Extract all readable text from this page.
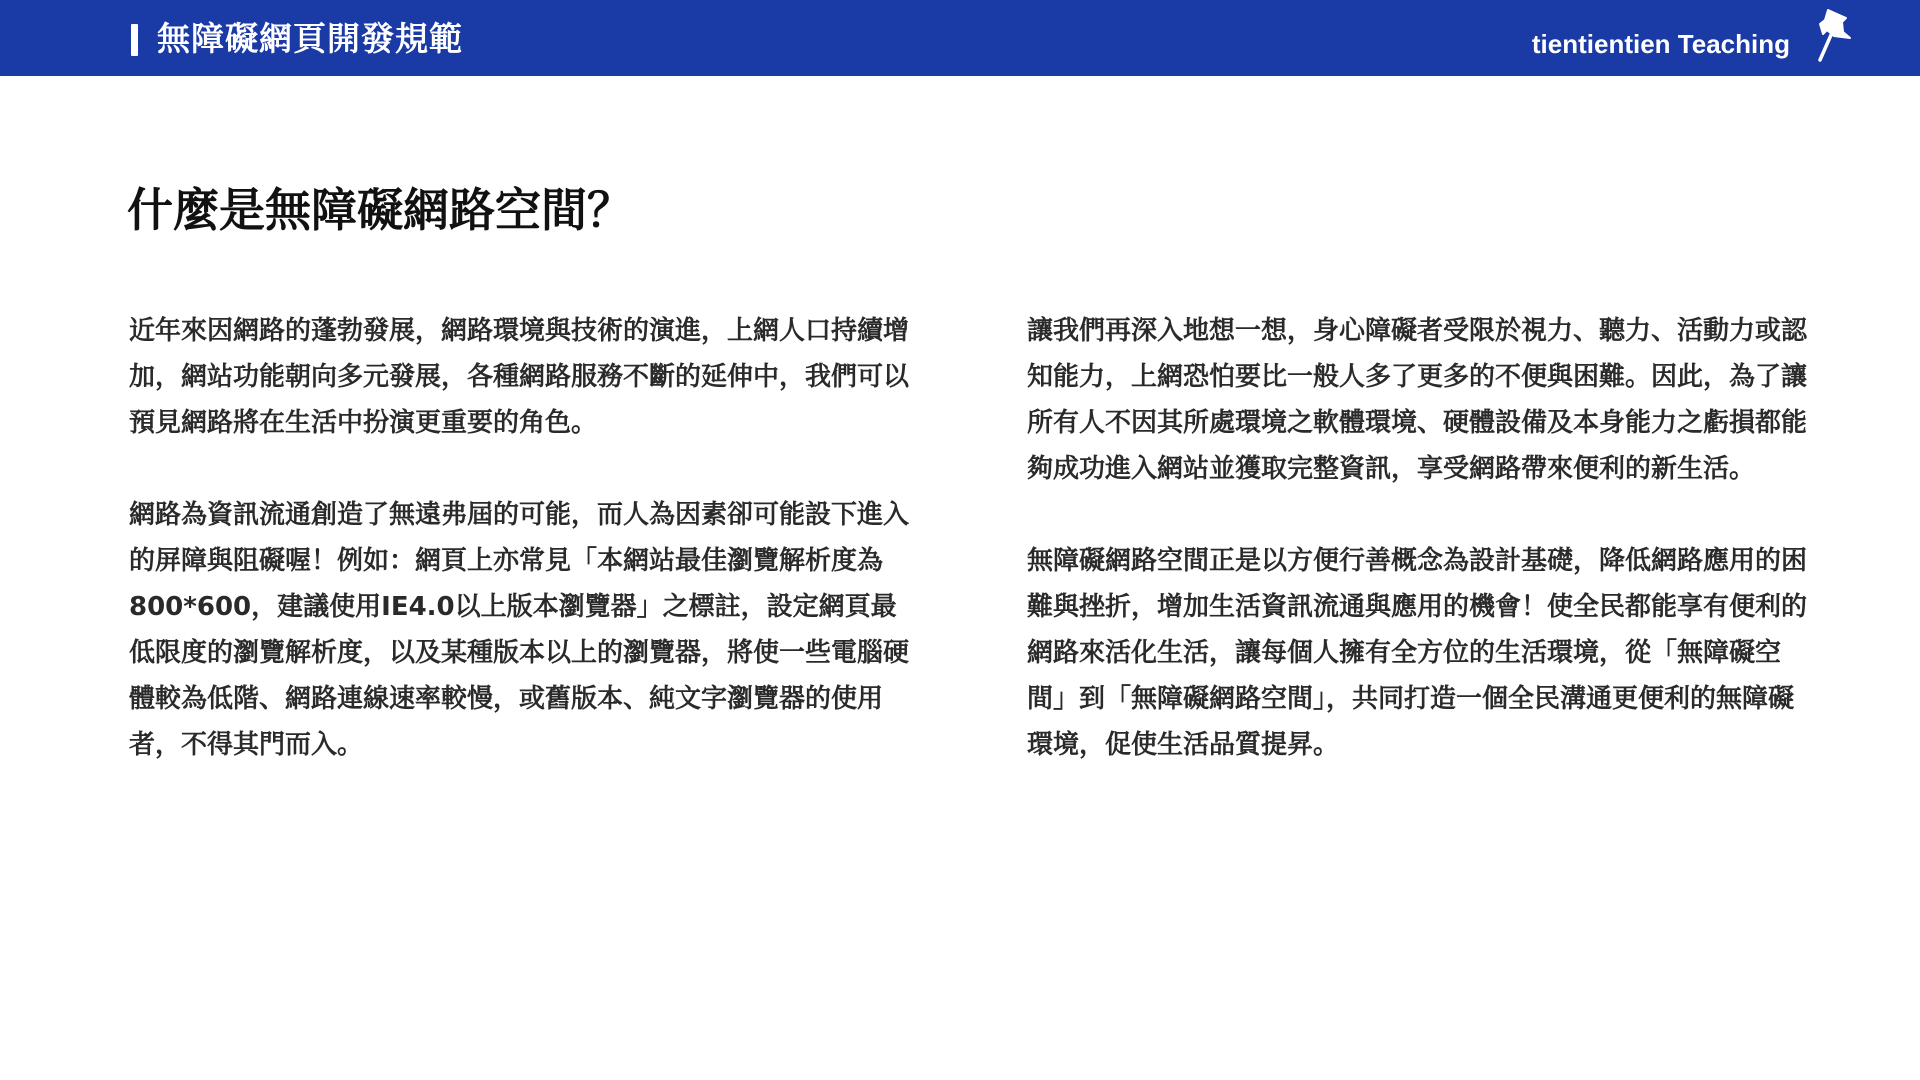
無障礙網頁開發規範	tientientien Teaching
什麼是無障礙網路空間？

近年來因網路的蓬勃發展，網路環境與技術的演進，上網人口持續增加，網站功能朝向多元發展，各種網路服務不斷的延伸中，我們可以預見網路將在生活中扮演更重要的角色。

網路為資訊流通創造了無遠弗屆的可能，而人為因素卻可能設下進入的屏障與阻礙喔！例如：網頁上亦常見「本網站最佳瀏覽解析度為800*600，建議使用IE4.0以上版本瀏覽器」之標註，設定網頁最低限度的瀏覽解析度，以及某種版本以上的瀏覽器，將使一些電腦硬體較為低階、網路連線速率較慢，或舊版本、純文字瀏覽器的使用者，不得其門而入。

讓我們再深入地想一想，身心障礙者受限於視力、聽力、活動力或認知能力，上網恐怕要比一般人多了更多的不便與困難。因此，為了讓所有人不因其所處環境之軟體環境、硬體設備及本身能力之虧損都能夠成功進入網站並獲取完整資訊，享受網路帶來便利的新生活。

無障礙網路空間正是以方便行善概念為設計基礎，降低網路應用的困難與挫折，增加生活資訊流通與應用的機會！使全民都能享有便利的網路來活化生活，讓每個人擁有全方位的生活環境，從「無障礙空間」到「無障礙網路空間」，共同打造一個全民溝通更便利的無障礙環境，促使生活品質提昇。
